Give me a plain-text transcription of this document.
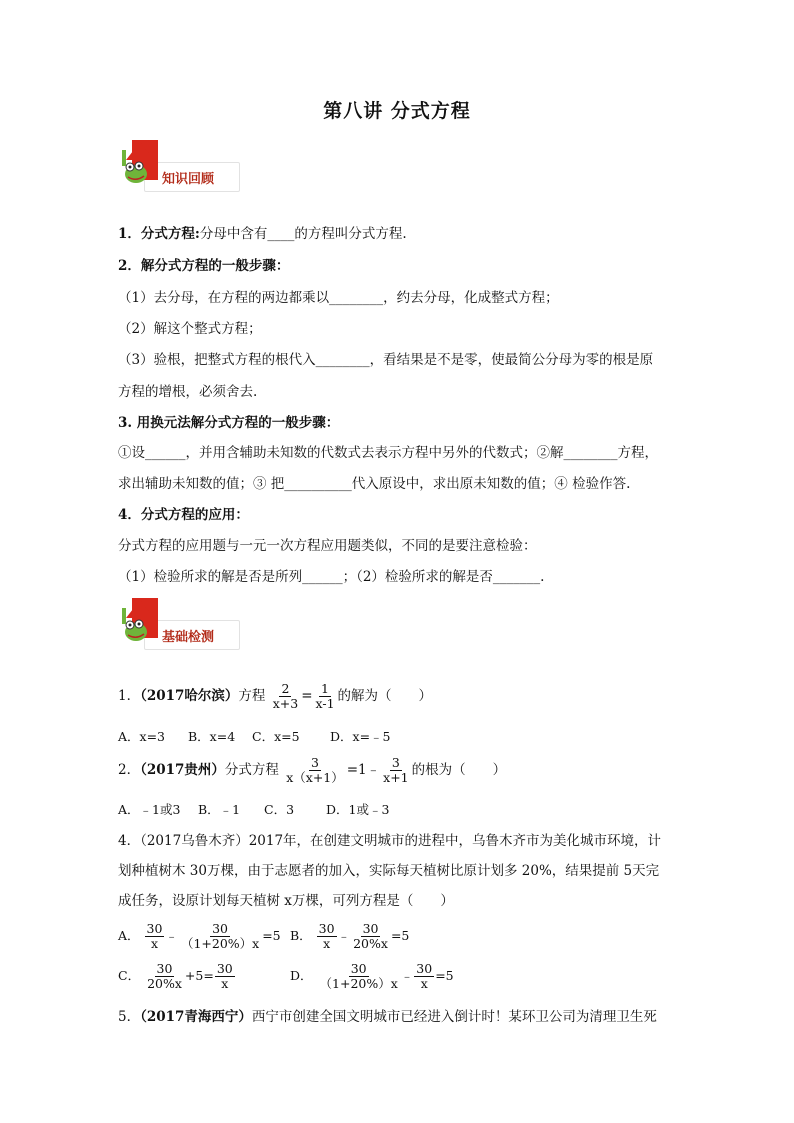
第八讲 分式方程
知识回顾
1．分式方程:分母中含有____的方程叫分式方程.
2．解分式方程的一般步骤：
（1）去分母，在方程的两边都乘以________，约去分母，化成整式方程；
（2）解这个整式方程；
（3）验根，把整式方程的根代入________，看结果是不是零，使最简公分母为零的根是原
方程的增根，必须舍去.
3. 用换元法解分式方程的一般步骤：
①设______，并用含辅助未知数的代数式去表示方程中另外的代数式；②解________方程，
求出辅助未知数的值；③ 把__________代入原设中，求出原未知数的值；④ 检验作答.
4．分式方程的应用：
分式方程的应用题与一元一次方程应用题类似，不同的是要注意检验：
（1）检验所求的解是否是所列______；（2）检验所求的解是否_______.
基础检测
1．（2017哈尔滨）方程 $\frac{2}{x+3} = \frac{1}{x-1}$ 的解为（　　）
A．x=3 B．x=4 C．x=5 D．x=﹣5
2．（2017贵州）分式方程 $\frac{3}{x(x+1)}$ =1﹣ $\frac{3}{x+1}$ 的根为（　　）
A．﹣1或3 B．﹣1 C．3	D．1或﹣3
4．（2017乌鲁木齐）2017年，在创建文明城市的进程中，乌鲁木齐市为美化城市环境，计
划种植树木 30万棵，由于志愿者的加入，实际每天植树比原计划多 20%，结果提前 5天完
成任务，设原计划每天植树 x万棵，可列方程是（　　）
A． $\frac{30}{x}$ ﹣ $\frac{30}{(1+20\%)x} =5$ B． $\frac{30}{x}$ ﹣ $\frac{30}{20\%x} =5$
C． $\frac{30}{20\%x} +5= \frac{30}{x}$	D． $\frac{30}{(1+20\%)x}$ ﹣ $\frac{30}{x} =5$
5．（2017青海西宁）西宁市创建全国文明城市已经进入倒计时！某环卫公司为清理卫生死
